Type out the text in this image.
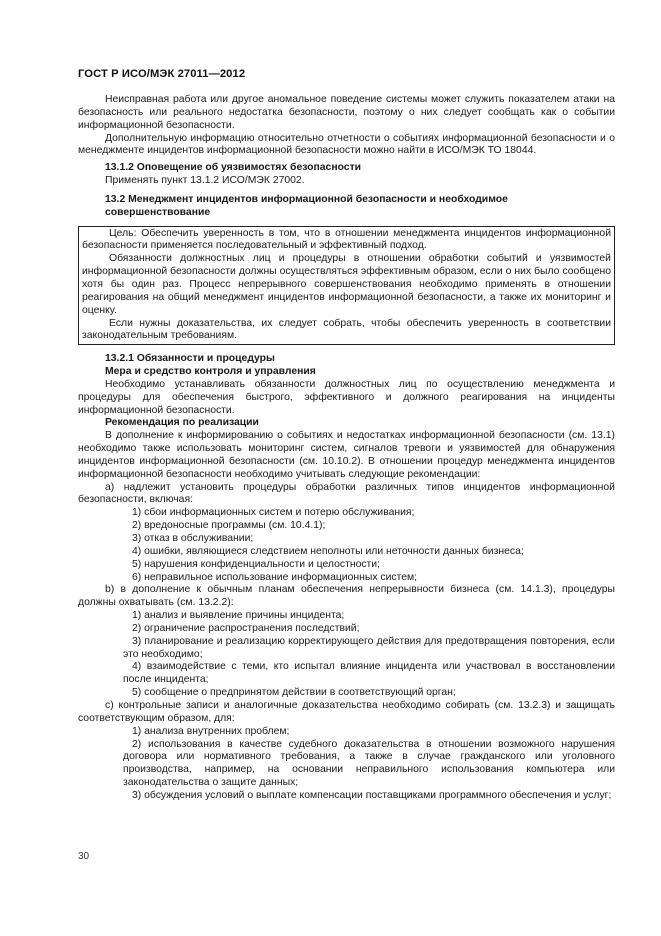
ГОСТ Р ИСО/МЭК 27011—2012

Неисправная работа или другое аномальное поведение системы может служить показателем атаки на безопасность или реального недостатка безопасности, поэтому о них следует сообщать как о событии информационной безопасности.

Дополнительную информацию относительно отчетности о событиях информационной безопасности и о менеджменте инцидентов информационной безопасности можно найти в ИСО/МЭК ТО 18044.

13.1.2 Оповещение об уязвимостях безопасности

Применять пункт 13.1.2 ИСО/МЭК 27002.

13.2 Менеджмент инцидентов информационной безопасности и необходимое совершенствование

Цель: Обеспечить уверенность в том, что в отношении менеджмента инцидентов информационной безопасности применяется последовательный и эффективный подход.

Обязанности должностных лиц и процедуры в отношении обработки событий и уязвимостей информационной безопасности должны осуществляться эффективным образом, если о них было сообщено хотя бы один раз. Процесс непрерывного совершенствования необходимо применять в отношении реагирования на общий менеджмент инцидентов информационной безопасности, а также их мониторинг и оценку.

Если нужны доказательства, их следует собрать, чтобы обеспечить уверенность в соответствии законодательным требованиям.

13.2.1 Обязанности и процедуры

Мера и средство контроля и управления

Необходимо устанавливать обязанности должностных лиц по осуществлению менеджмента и процедуры для обеспечения быстрого, эффективного и должного реагирования на инциденты информационной безопасности.

Рекомендация по реализации

В дополнение к информированию о событиях и недостатках информационной безопасности (см. 13.1) необходимо также использовать мониторинг систем, сигналов тревоги и уязвимостей для обнаружения инцидентов информационной безопасности (см. 10.10.2). В отношении процедур менеджмента инцидентов информационной безопасности необходимо учитывать следующие рекомендации:

a) надлежит установить процедуры обработки различных типов инцидентов информационной безопасности, включая:

1) сбои информационных систем и потерю обслуживания;

2) вредоносные программы (см. 10.4.1);

3) отказ в обслуживании;

4) ошибки, являющиеся следствием неполноты или неточности данных бизнеса;

5) нарушения конфиденциальности и целостности;

6) неправильное использование информационных систем;

b) в дополнение к обычным планам обеспечения непрерывности бизнеса (см. 14.1.3), процедуры должны охватывать (см. 13.2.2):

1) анализ и выявление причины инцидента;

2) ограничение распространения последствий;

3) планирование и реализацию корректирующего действия для предотвращения повторения, если это необходимо;

4) взаимодействие с теми, кто испытал влияние инцидента или участвовал в восстановлении после инцидента;

5) сообщение о предпринятом действии в соответствующий орган;

c) контрольные записи и аналогичные доказательства необходимо собирать (см. 13.2.3) и защищать соответствующим образом, для:

1) анализа внутренних проблем;

2) использования в качестве судебного доказательства в отношении возможного нарушения договора или нормативного требования, а также в случае гражданского или уголовного производства, например, на основании неправильного использования компьютера или законодательства о защите данных;

3) обсуждения условий о выплате компенсации поставщиками программного обеспечения и услуг;

30
